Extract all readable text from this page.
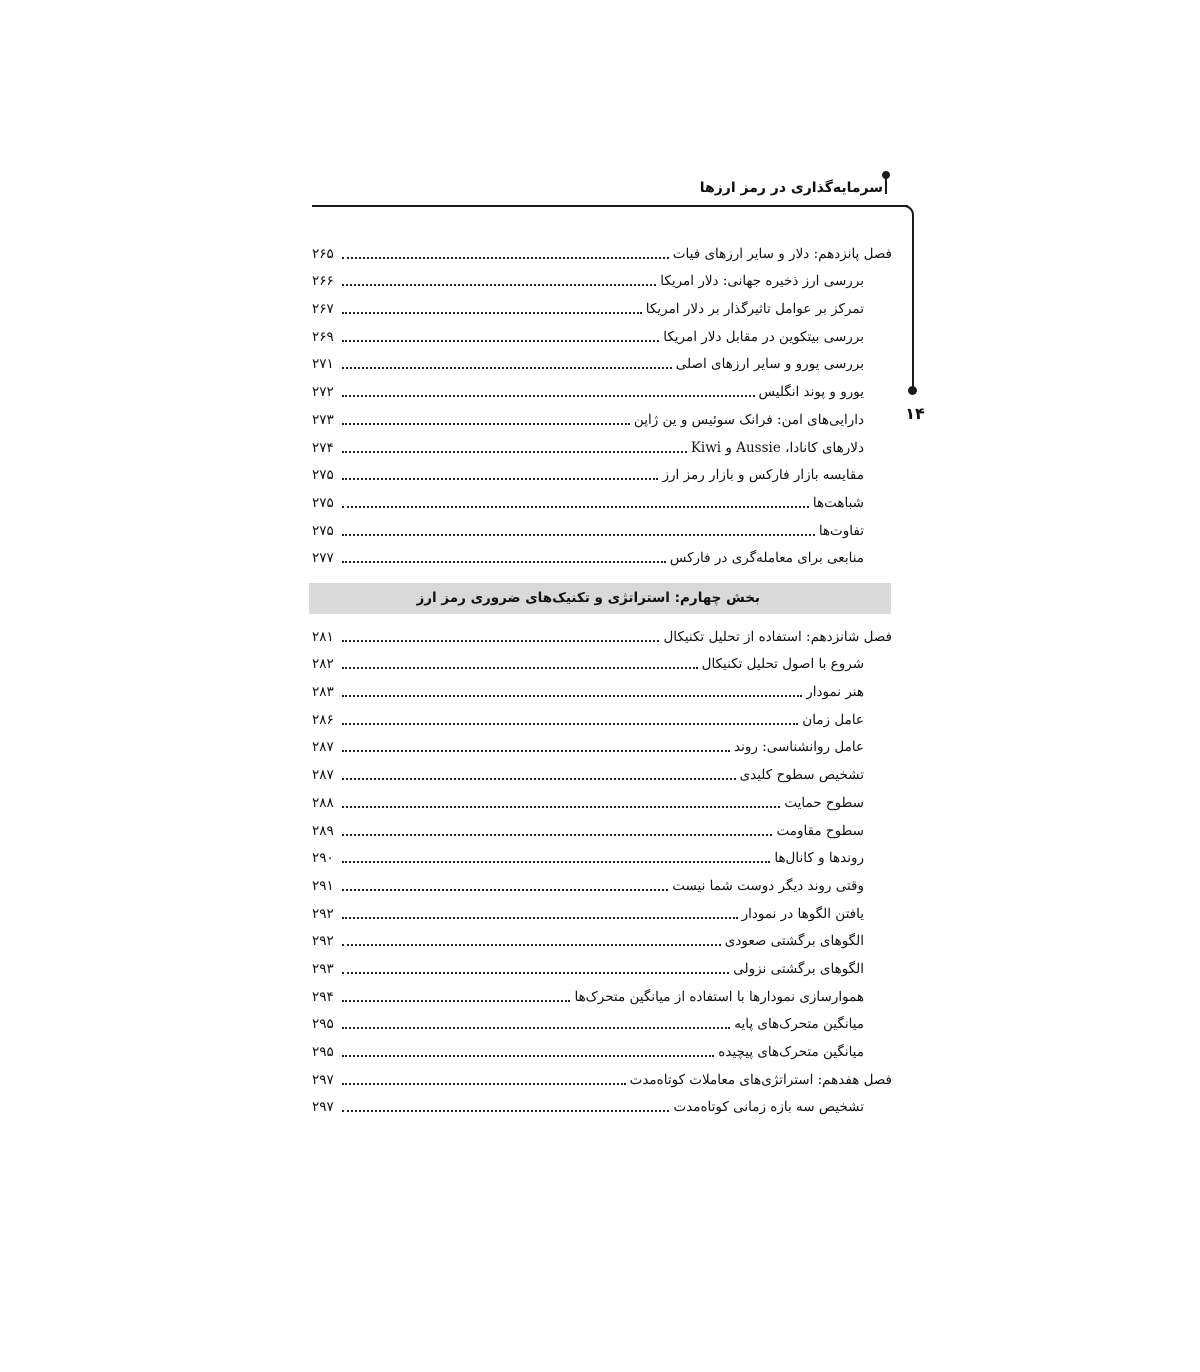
سرمایه‌گذاری در رمز ارزها
۱۴
فصل پانزدهم: دلار و سایر ارزهای فیات
۲۶۵
بررسی ارز ذخیره جهانی: دلار امریکا
۲۶۶
تمرکز بر عوامل تاثیرگذار بر دلار امریکا
۲۶۷
بررسی بیتکوین در مقابل دلار امریکا
۲۶۹
بررسی یورو و سایر ارزهای اصلی
۲۷۱
یورو و پوند انگلیس
۲۷۲
دارایی‌های امن: فرانک سوئیس و ین ژاپن
۲۷۳
دلارهای کانادا، Aussie و Kiwi
۲۷۴
مقایسه بازار فارکس و بازار رمز ارز
۲۷۵
شباهت‌ها
۲۷۵
تفاوت‌ها
۲۷۵
منابعی برای معامله‌گری در فارکس
۲۷۷
بخش چهارم: استراتژی و تکنیک‌های ضروری رمز ارز
فصل شانزدهم: استفاده از تحلیل تکنیکال
۲۸۱
شروع با اصول تحلیل تکنیکال
۲۸۲
هنر نمودار
۲۸۳
عامل زمان
۲۸۶
عامل روانشناسی: روند
۲۸۷
تشخیص سطوح کلیدی
۲۸۷
سطوح حمایت
۲۸۸
سطوح مقاومت
۲۸۹
روندها و کانال‌ها
۲۹۰
وقتی روند دیگر دوست شما نیست
۲۹۱
یافتن الگوها در نمودار
۲۹۲
الگوهای برگشتی صعودی
۲۹۲
الگوهای برگشتی نزولی
۲۹۳
هموارسازی نمودارها با استفاده از میانگین متحرک‌ها
۲۹۴
میانگین متحرک‌های پایه
۲۹۵
میانگین متحرک‌های پیچیده
۲۹۵
فصل هفدهم: استراتژی‌های معاملات کوتاه‌مدت
۲۹۷
تشخیص سه بازه زمانی کوتاه‌مدت
۲۹۷
